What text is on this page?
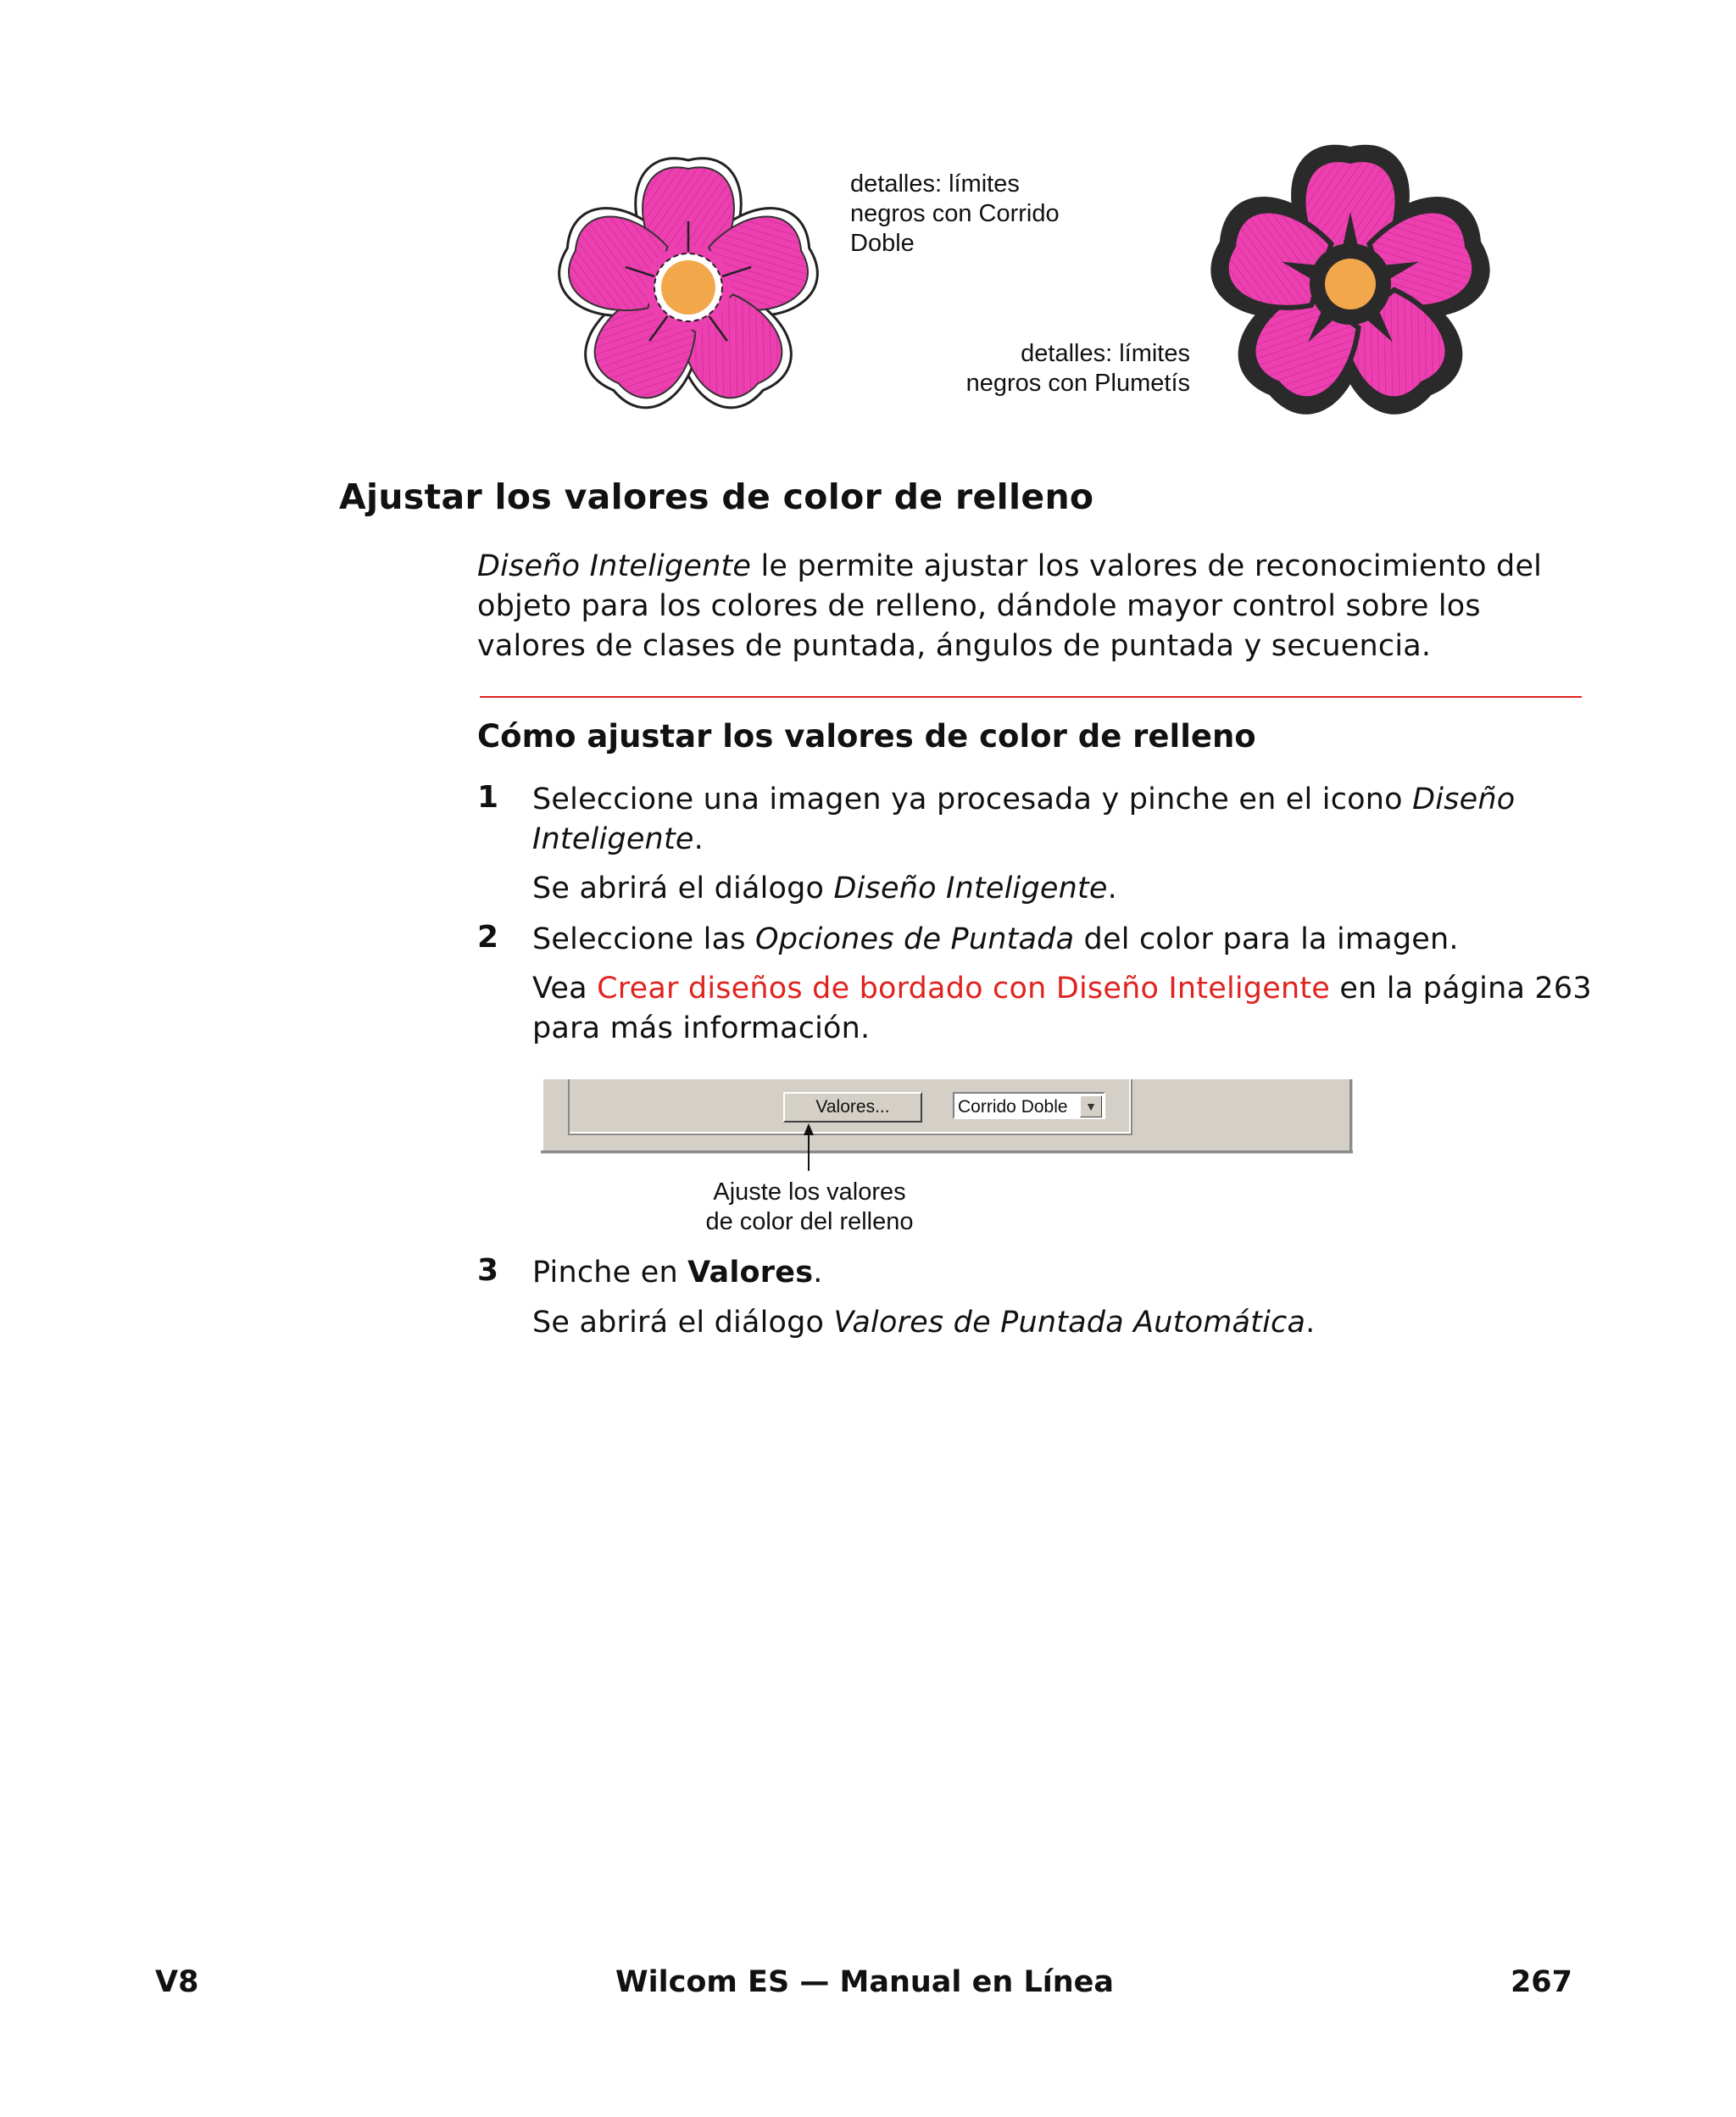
detalles: límites
negros con Corrido
Doble
detalles: límites
negros con Plumetís
Ajustar los valores de color de relleno

Diseño Inteligente le permite ajustar los valores de reconocimiento del objeto para los colores de relleno, dándole mayor control sobre los valores de clases de puntada, ángulos de puntada y secuencia.

Cómo ajustar los valores de color de relleno
1 Seleccione una imagen ya procesada y pinche en el icono Diseño Inteligente.

Se abrirá el diálogo Diseño Inteligente.

2 Seleccione las Opciones de Puntada del color para la imagen.

Vea Crear diseños de bordado con Diseño Inteligente en la página 263 para más información.

Valores...	Corrido Doble	▼
Ajuste los valores
de color del relleno
3 Pinche en Valores.

Se abrirá el diálogo Valores de Puntada Automática.

V8	Wilcom ES — Manual en Línea	267
